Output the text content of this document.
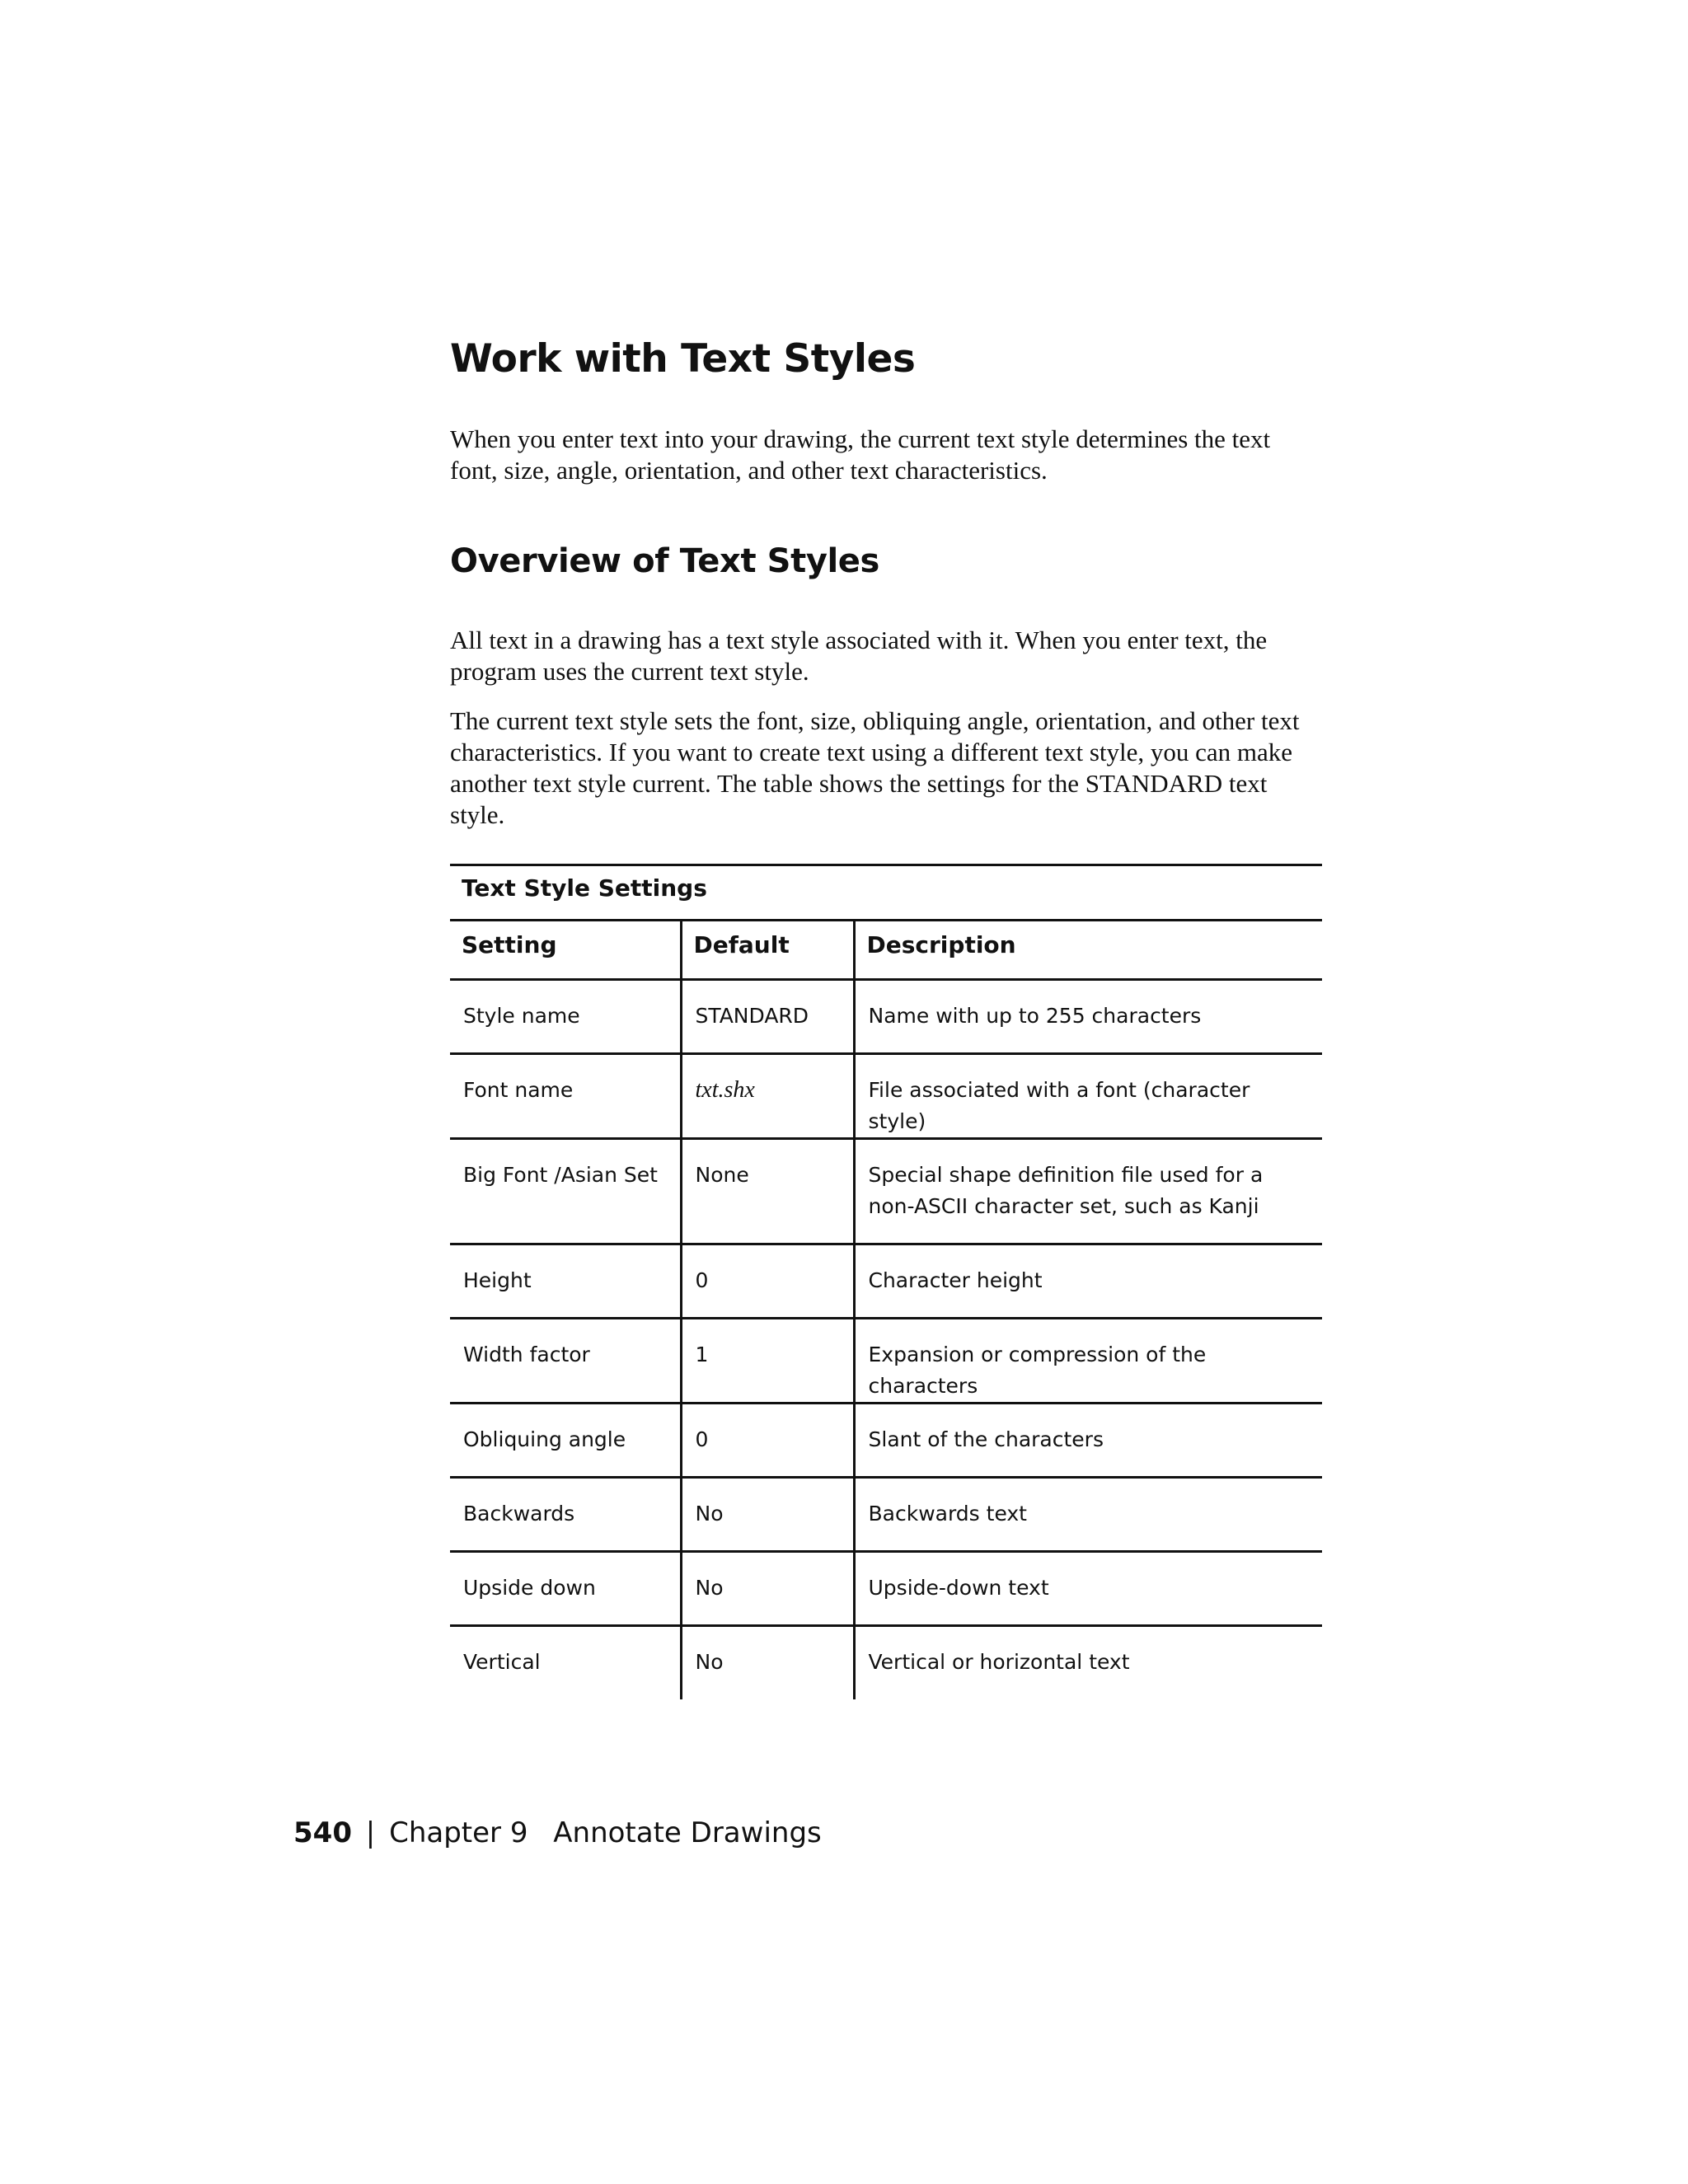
Work with Text Styles

When you enter text into your drawing, the current text style determines the text font, size, angle, orientation, and other text characteristics.

Overview of Text Styles

All text in a drawing has a text style associated with it. When you enter text, the program uses the current text style.

The current text style sets the font, size, obliquing angle, orientation, and other text characteristics. If you want to create text using a different text style, you can make another text style current. The table shows the settings for the STANDARD text style.

Text Style Settings
Setting	Default	Description
Style name	STANDARD	Name with up to 255 characters
Font name	txt.shx	File associated with a font (character style)
Big Font /Asian Set	None	Special shape definition file used for a non-ASCII character set, such as Kanji
Height	0	Character height
Width factor	1	Expansion or compression of the characters
Obliquing angle	0	Slant of the characters
Backwards	No	Backwards text
Upside down	No	Upside-down text
Vertical	No	Vertical or horizontal text
540 | Chapter 9 Annotate Drawings
